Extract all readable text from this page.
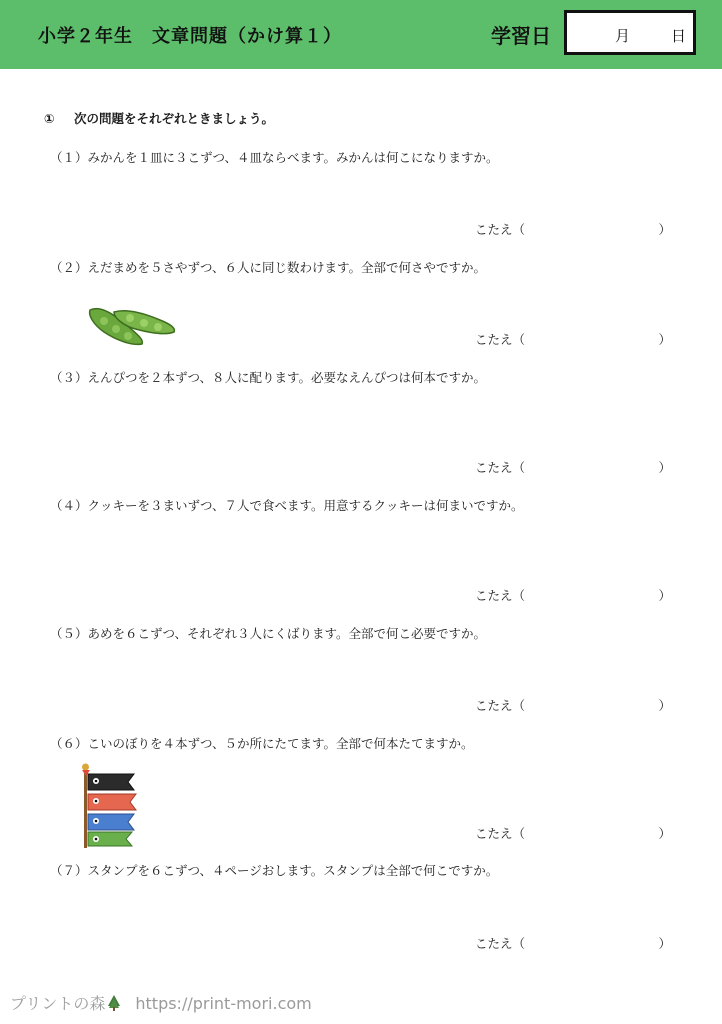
小学２年生　文章問題（かけ算１）	学習日	月	日
① 次の問題をそれぞれときましょう。
（１）みかんを１皿に３こずつ、４皿ならべます。みかんは何こになりますか。
こたえ（	）
（２）えだまめを５さやずつ、６人に同じ数わけます。全部で何さやですか。
こたえ（	）
（３）えんぴつを２本ずつ、８人に配ります。必要なえんぴつは何本ですか。
こたえ（	）
（４）クッキーを３まいずつ、７人で食べます。用意するクッキーは何まいですか。
こたえ（	）
（５）あめを６こずつ、それぞれ３人にくばります。全部で何こ必要ですか。
こたえ（	）
（６）こいのぼりを４本ずつ、５か所にたてます。全部で何本たてますか。
こたえ（	）
（７）スタンプを６こずつ、４ページおします。スタンプは全部で何こですか。
こたえ（	）
プリントの森 https://print-mori.com
